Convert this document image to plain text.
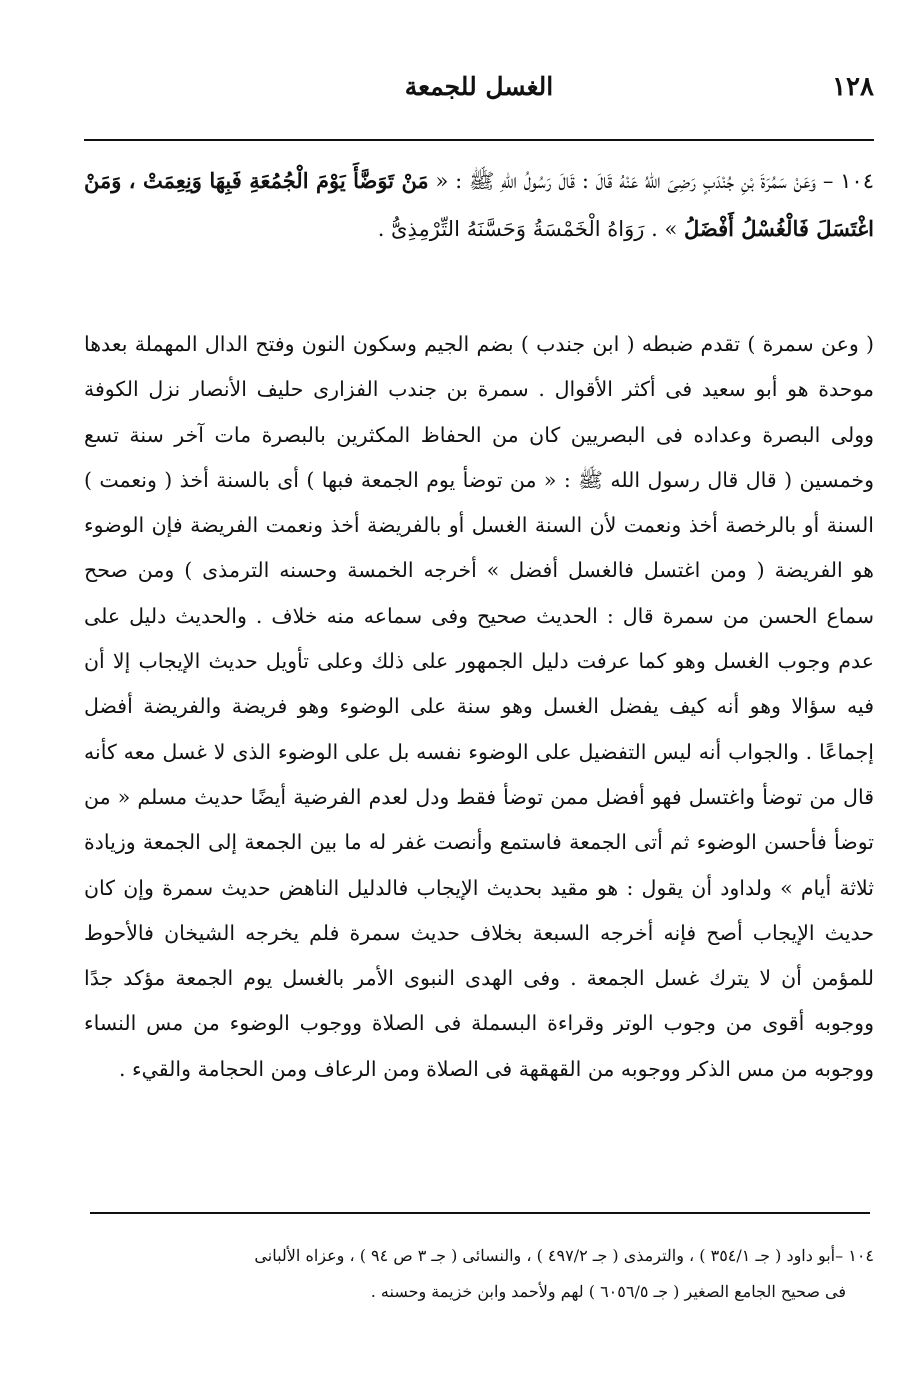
١٢٨
الغسل للجمعة
١٠٤ – وَعَنْ سَمُرَةَ بْنِ جُنْدَبٍ رَضِىَ اللهُ عَنْهُ قَالَ : قَالَ رَسُولُ اللهِ ﷺ : « مَنْ تَوَضَّأَ يَوْمَ الْجُمُعَةِ فَبِهَا وَنِعِمَتْ ، وَمَنْ اغْتَسَلَ فَالْغُسْلُ أَفْضَلُ » . رَوَاهُ الْخَمْسَةُ وَحَسَّنَهُ التِّرْمِذِىُّ .

( وعن سمرة ) تقدم ضبطه ( ابن جندب ) بضم الجيم وسكون النون وفتح الدال المهملة بعدها موحدة هو أبو سعيد فى أكثر الأقوال . سمرة بن جندب الفزارى حليف الأنصار نزل الكوفة وولى البصرة وعداده فى البصريين كان من الحفاظ المكثرين بالبصرة مات آخر سنة تسع وخمسين ( قال قال رسول الله ﷺ : « من توضأ يوم الجمعة فبها ) أى بالسنة أخذ ( ونعمت ) السنة أو بالرخصة أخذ ونعمت لأن السنة الغسل أو بالفريضة أخذ ونعمت الفريضة فإن الوضوء هو الفريضة ( ومن اغتسل فالغسل أفضل » أخرجه الخمسة وحسنه الترمذى ) ومن صحح سماع الحسن من سمرة قال : الحديث صحيح وفى سماعه منه خلاف . والحديث دليل على عدم وجوب الغسل وهو كما عرفت دليل الجمهور على ذلك وعلى تأويل حديث الإيجاب إلا أن فيه سؤالا وهو أنه كيف يفضل الغسل وهو سنة على الوضوء وهو فريضة والفريضة أفضل إجماعًا . والجواب أنه ليس التفضيل على الوضوء نفسه بل على الوضوء الذى لا غسل معه كأنه قال من توضأ واغتسل فهو أفضل ممن توضأ فقط ودل لعدم الفرضية أيضًا حديث مسلم « من توضأ فأحسن الوضوء ثم أتى الجمعة فاستمع وأنصت غفر له ما بين الجمعة إلى الجمعة وزيادة ثلاثة أيام » ولداود أن يقول : هو مقيد بحديث الإيجاب فالدليل الناهض حديث سمرة وإن كان حديث الإيجاب أصح فإنه أخرجه السبعة بخلاف حديث سمرة فلم يخرجه الشيخان فالأحوط للمؤمن أن لا يترك غسل الجمعة . وفى الهدى النبوى الأمر بالغسل يوم الجمعة مؤكد جدًا ووجوبه أقوى من وجوب الوتر وقراءة البسملة فى الصلاة ووجوب الوضوء من مس النساء ووجوبه من مس الذكر ووجوبه من القهقهة فى الصلاة ومن الرعاف ومن الحجامة والقيء .

١٠٤ –أبو داود ( جـ ٣٥٤/١ ) ، والترمذى ( جـ ٤٩٧/٢ ) ، والنسائى ( جـ ٣ ص ٩٤ ) ، وعزاه الألبانى

فى صحيح الجامع الصغير ( جـ ٦٠٥٦/٥ ) لهم ولأحمد وابن خزيمة وحسنه .
